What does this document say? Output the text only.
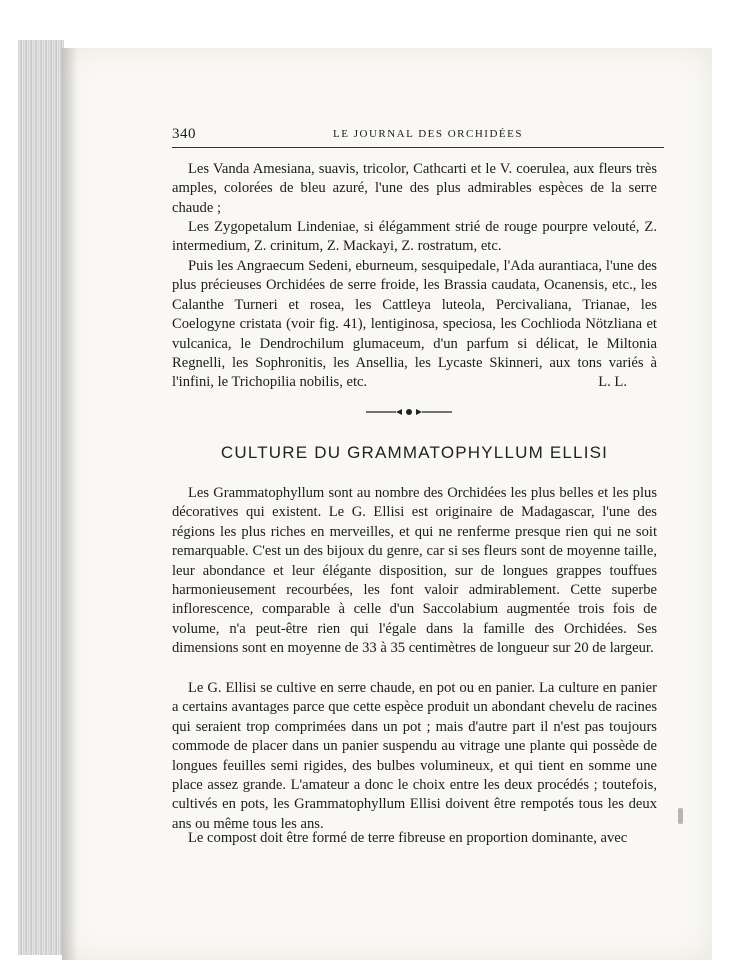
340	LE JOURNAL DES ORCHIDÉES

Les Vanda Amesiana, suavis, tricolor, Cathcarti et le V. coerulea, aux fleurs très amples, colorées de bleu azuré, l'une des plus admirables espèces de la serre chaude ;

Les Zygopetalum Lindeniae, si élégamment strié de rouge pourpre velouté, Z. intermedium, Z. crinitum, Z. Mackayi, Z. rostratum, etc.

Puis les Angraecum Sedeni, eburneum, sesquipedale, l'Ada aurantiaca, l'une des plus précieuses Orchidées de serre froide, les Brassia caudata, Ocanensis, etc., les Calanthe Turneri et rosea, les Cattleya luteola, Percivaliana, Trianae, les Coelogyne cristata (voir fig. 41), lentiginosa, speciosa, les Cochlioda Nötzliana et vulcanica, le Dendrochilum glumaceum, d'un parfum si délicat, le Miltonia Regnelli, les Sophronitis, les Ansellia, les Lycaste Skinneri, aux tons variés à l'infini, le Trichopilia nobilis, etc.	L. L.

CULTURE DU GRAMMATOPHYLLUM ELLISI

Les Grammatophyllum sont au nombre des Orchidées les plus belles et les plus décoratives qui existent. Le G. Ellisi est originaire de Madagascar, l'une des régions les plus riches en merveilles, et qui ne renferme presque rien qui ne soit remarquable. C'est un des bijoux du genre, car si ses fleurs sont de moyenne taille, leur abondance et leur élégante disposition, sur de longues grappes touffues harmonieusement recourbées, les font valoir admirablement. Cette superbe inflorescence, comparable à celle d'un Saccolabium augmentée trois fois de volume, n'a peut-être rien qui l'égale dans la famille des Orchidées. Ses dimensions sont en moyenne de 33 à 35 centimètres de longueur sur 20 de largeur.

Le G. Ellisi se cultive en serre chaude, en pot ou en panier. La culture en panier a certains avantages parce que cette espèce produit un abondant chevelu de racines qui seraient trop comprimées dans un pot ; mais d'autre part il n'est pas toujours commode de placer dans un panier suspendu au vitrage une plante qui possède de longues feuilles semi rigides, des bulbes volumineux, et qui tient en somme une place assez grande. L'amateur a donc le choix entre les deux procédés ; toutefois, cultivés en pots, les Grammatophyllum Ellisi doivent être rempotés tous les deux ans ou même tous les ans.

Le compost doit être formé de terre fibreuse en proportion dominante, avec
